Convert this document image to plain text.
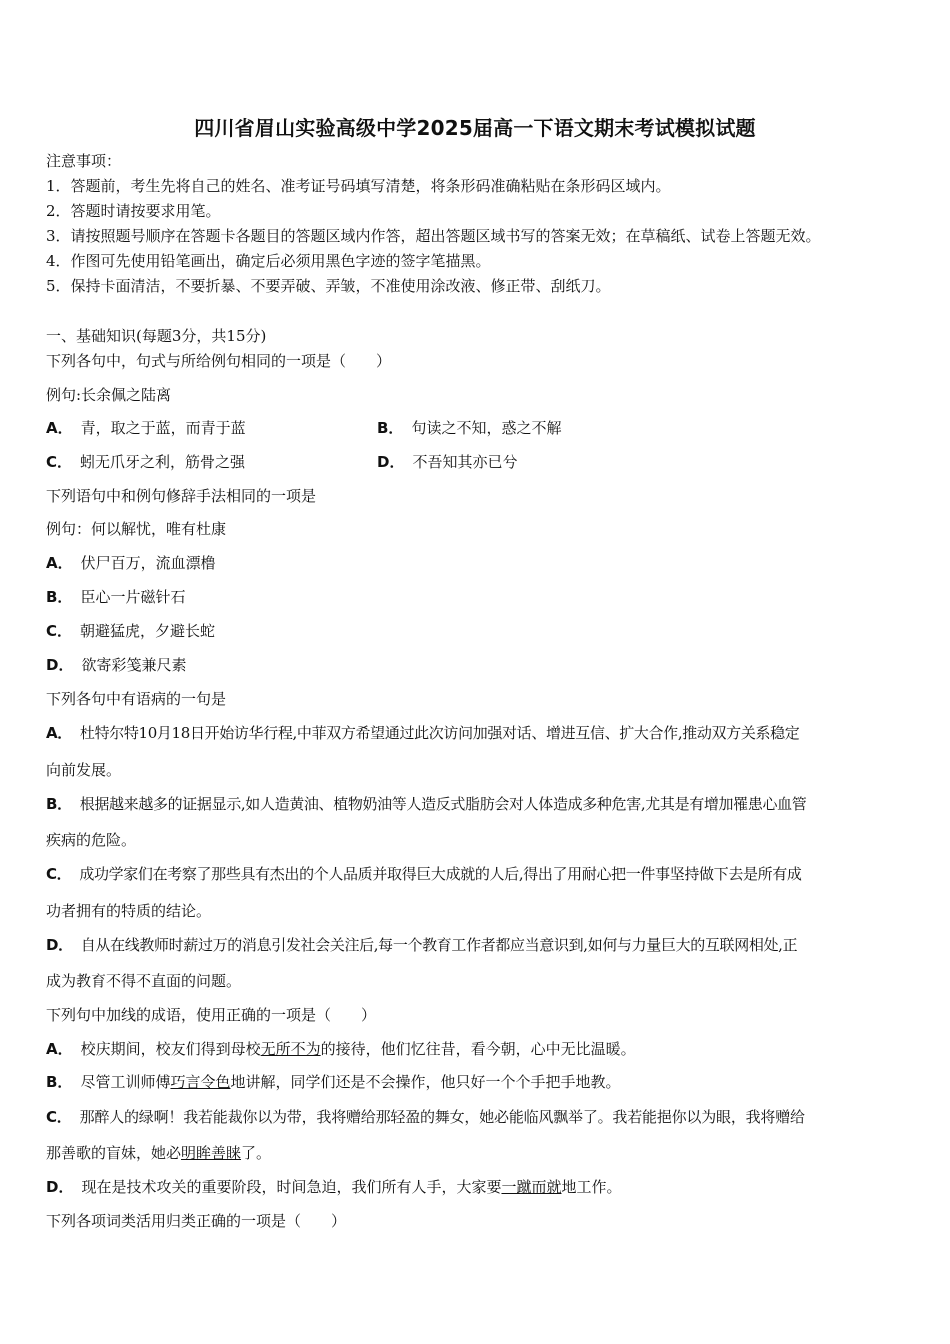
四川省眉山实验高级中学2025届高一下语文期末考试模拟试题
注意事项：
1．答题前，考生先将自己的姓名、准考证号码填写清楚，将条形码准确粘贴在条形码区域内。
2．答题时请按要求用笔。
3．请按照题号顺序在答题卡各题目的答题区域内作答，超出答题区域书写的答案无效；在草稿纸、试卷上答题无效。
4．作图可先使用铅笔画出，确定后必须用黑色字迹的签字笔描黑。
5．保持卡面清洁，不要折暴、不要弄破、弄皱，不准使用涂改液、修正带、刮纸刀。
一、基础知识(每题3分，共15分)
下列各句中，句式与所给例句相同的一项是（　　）
例句:长余佩之陆离
A． 青，取之于蓝，而青于蓝	B． 句读之不知，惑之不解
C． 蚓无爪牙之利，筋骨之强	D． 不吾知其亦已兮
下列语句中和例句修辞手法相同的一项是
例句：何以解忧，唯有杜康
A． 伏尸百万，流血漂橹
B． 臣心一片磁针石
C． 朝避猛虎，夕避长蛇
D． 欲寄彩笺兼尺素
下列各句中有语病的一句是
A． 杜特尔特10月18日开始访华行程,中菲双方希望通过此次访问加强对话、增进互信、扩大合作,推动双方关系稳定
向前发展。
B． 根据越来越多的证据显示,如人造黄油、植物奶油等人造反式脂肪会对人体造成多种危害,尤其是有增加罹患心血管
疾病的危险。
C． 成功学家们在考察了那些具有杰出的个人品质并取得巨大成就的人后,得出了用耐心把一件事坚持做下去是所有成
功者拥有的特质的结论。
D． 自从在线教师时薪过万的消息引发社会关注后,每一个教育工作者都应当意识到,如何与力量巨大的互联网相处,正
成为教育不得不直面的问题。
下列句中加线的成语，使用正确的一项是（　　）
A． 校庆期间，校友们得到母校无所不为的接待，他们忆往昔，看今朝，心中无比温暖。
B． 尽管工训师傅巧言令色地讲解，同学们还是不会操作，他只好一个个手把手地教。
C． 那醉人的绿啊！我若能裁你以为带，我将赠给那轻盈的舞女，她必能临风飘举了。我若能挹你以为眼，我将赠给
那善歌的盲妹，她必明眸善睐了。
D． 现在是技术攻关的重要阶段，时间急迫，我们所有人手，大家要一蹴而就地工作。
下列各项词类活用归类正确的一项是（　　）
